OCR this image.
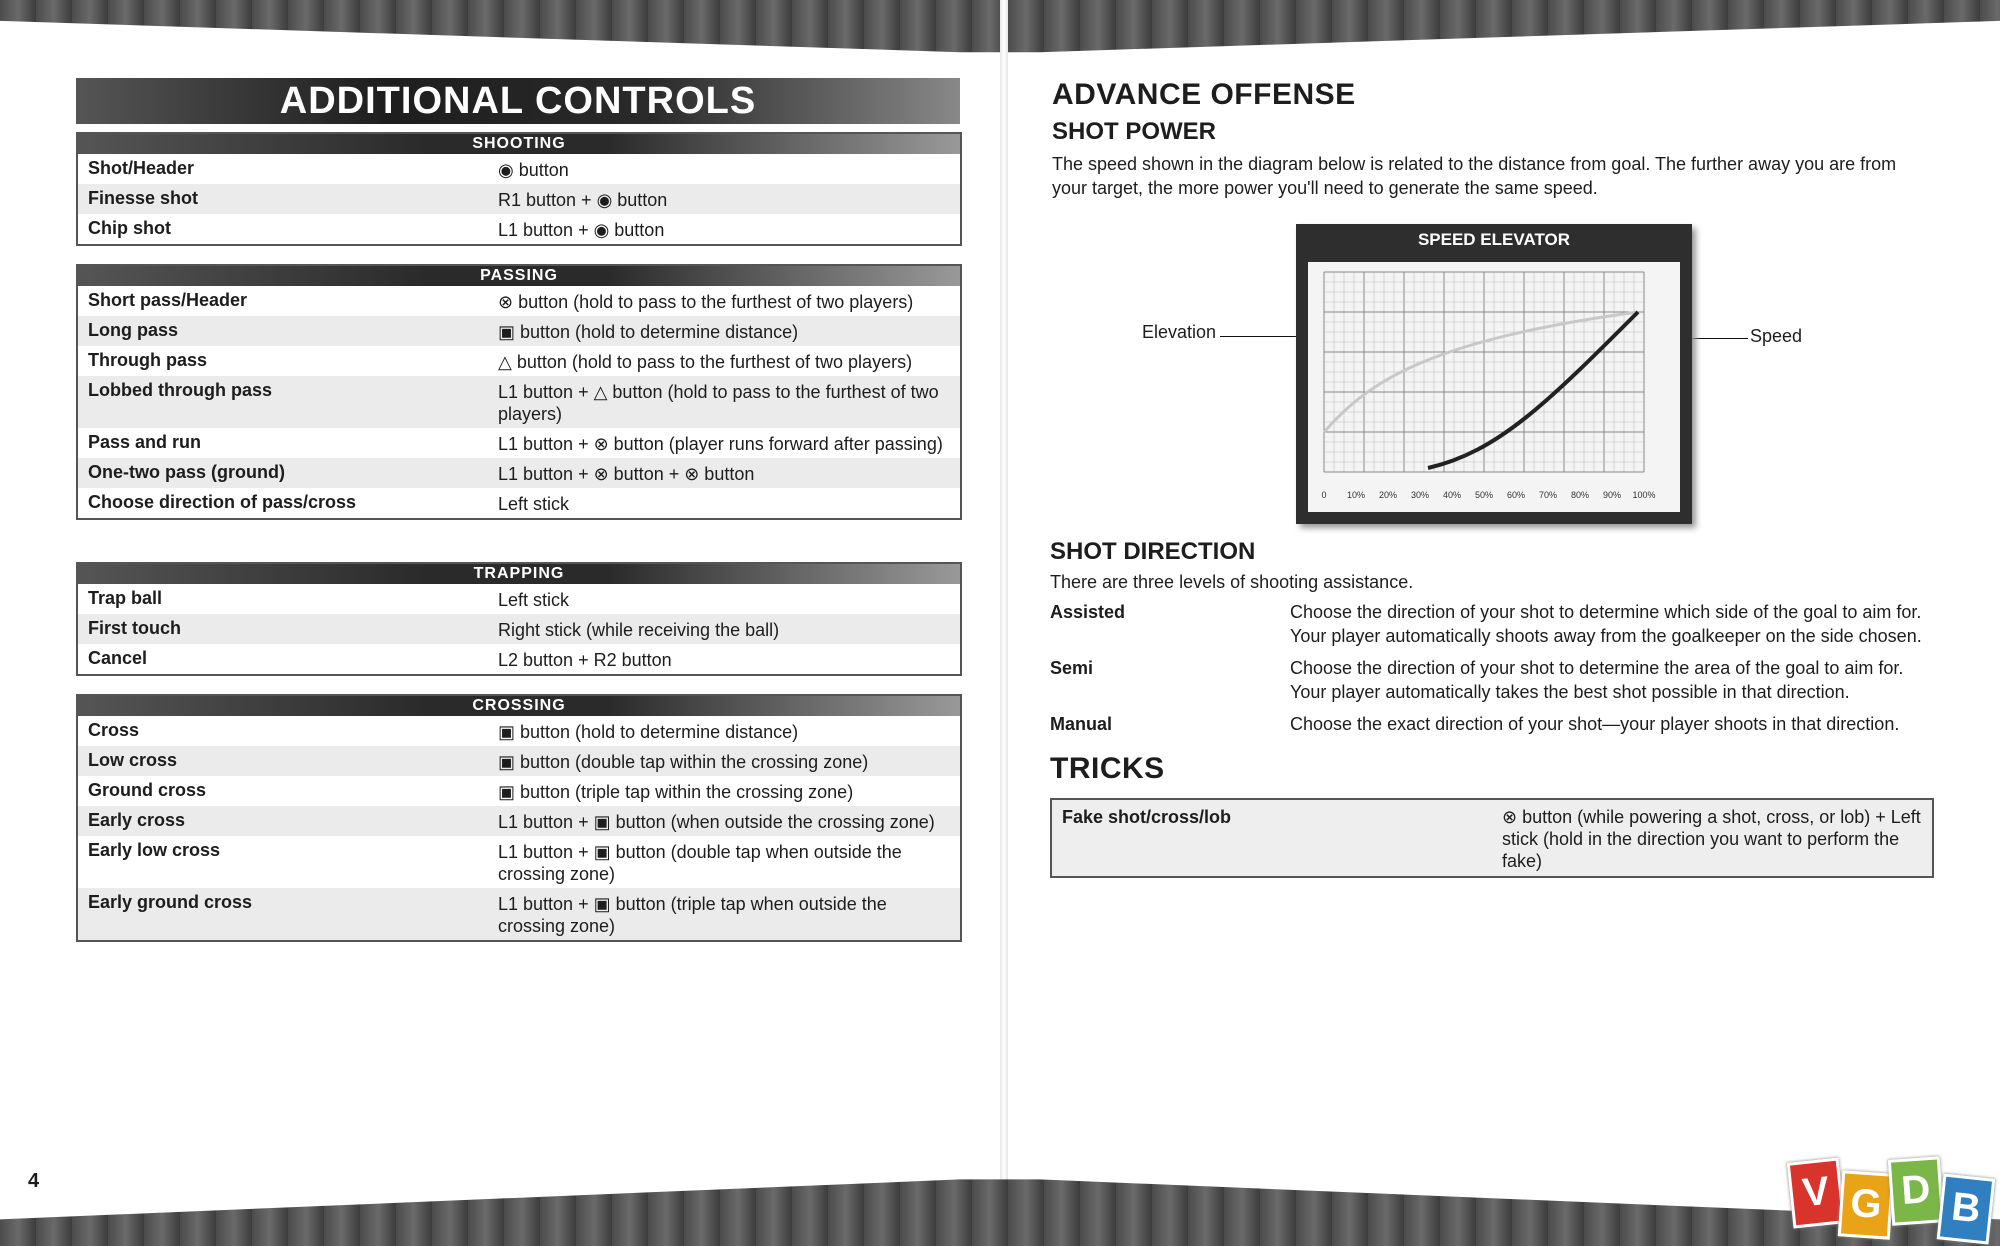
ADDITIONAL CONTROLS
SHOOTING
Shot/Header	◉ button
Finesse shot	R1 button + ◉ button
Chip shot	L1 button + ◉ button
PASSING
Short pass/Header	⊗ button (hold to pass to the furthest of two players)
Long pass	▣ button (hold to determine distance)
Through pass	△ button (hold to pass to the furthest of two players)
Lobbed through pass	L1 button + △ button (hold to pass to the furthest of two players)
Pass and run	L1 button + ⊗ button (player runs forward after passing)
One-two pass (ground)	L1 button + ⊗ button + ⊗ button
Choose direction of pass/cross	Left stick
TRAPPING
Trap ball	Left stick
First touch	Right stick (while receiving the ball)
Cancel	L2 button + R2 button
CROSSING
Cross	▣ button (hold to determine distance)
Low cross	▣ button (double tap within the crossing zone)
Ground cross	▣ button (triple tap within the crossing zone)
Early cross	L1 button + ▣ button (when outside the crossing zone)
Early low cross	L1 button + ▣ button (double tap when outside the crossing zone)
Early ground cross	L1 button + ▣ button (triple tap when outside the crossing zone)
4
ADVANCE OFFENSE
SHOT POWER
The speed shown in the diagram below is related to the distance from goal. The further away you are from your target, the more power you'll need to generate the same speed.
Elevation	Speed
SPEED ELEVATOR
0 10% 20% 30% 40% 50% 60% 70% 80% 90% 100%
SHOT DIRECTION
There are three levels of shooting assistance.
Assisted	Choose the direction of your shot to determine which side of the goal to aim for. Your player automatically shoots away from the goalkeeper on the side chosen.
Semi	Choose the direction of your shot to determine the area of the goal to aim for. Your player automatically takes the best shot possible in that direction.
Manual	Choose the exact direction of your shot—your player shoots in that direction.
TRICKS
Fake shot/cross/lob	⊗ button (while powering a shot, cross, or lob) + Left stick (hold in the direction you want to perform the fake)
V G D B
